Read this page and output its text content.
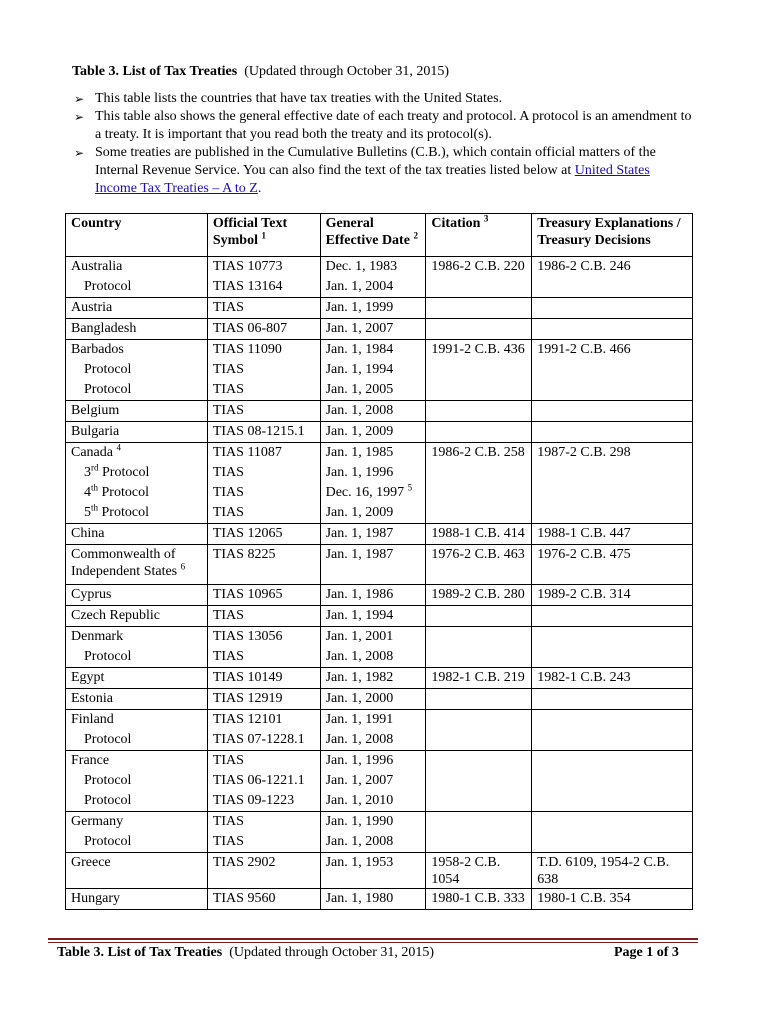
Table 3. List of Tax Treaties (Updated through October 31, 2015)
➢ This table lists the countries that have tax treaties with the United States.
➢ This table also shows the general effective date of each treaty and protocol. A protocol is an amendment to a treaty. It is important that you read both the treaty and its protocol(s).
➢ Some treaties are published in the Cumulative Bulletins (C.B.), which contain official matters of the Internal Revenue Service. You can also find the text of the tax treaties listed below at United States Income Tax Treaties – A to Z.
Country	Official Text Symbol $^1$	General Effective Date $^2$	Citation $^3$	Treasury Explanations / Treasury Decisions
Australia	TIAS 10773	Dec. 1, 1983	1986-2 C.B. 220	1986-2 C.B. 246
Protocol	TIAS 13164	Jan. 1, 2004		
Austria	TIAS	Jan. 1, 1999		
Bangladesh	TIAS 06-807	Jan. 1, 2007		
Barbados	TIAS 11090	Jan. 1, 1984	1991-2 C.B. 436	1991-2 C.B. 466
Protocol	TIAS	Jan. 1, 1994		
Protocol	TIAS	Jan. 1, 2005		
Belgium	TIAS	Jan. 1, 2008		
Bulgaria	TIAS 08-1215.1	Jan. 1, 2009		
Canada $^4$	TIAS 11087	Jan. 1, 1985	1986-2 C.B. 258	1987-2 C.B. 298
3rd Protocol	TIAS	Jan. 1, 1996		
4th Protocol	TIAS	Dec. 16, 1997 $^5$		
5th Protocol	TIAS	Jan. 1, 2009		
China	TIAS 12065	Jan. 1, 1987	1988-1 C.B. 414	1988-1 C.B. 447
Commonwealth of Independent States $^6$	TIAS 8225	Jan. 1, 1987	1976-2 C.B. 463	1976-2 C.B. 475
Cyprus	TIAS 10965	Jan. 1, 1986	1989-2 C.B. 280	1989-2 C.B. 314
Czech Republic	TIAS	Jan. 1, 1994		
Denmark	TIAS 13056	Jan. 1, 2001		
Protocol	TIAS	Jan. 1, 2008		
Egypt	TIAS 10149	Jan. 1, 1982	1982-1 C.B. 219	1982-1 C.B. 243
Estonia	TIAS 12919	Jan. 1, 2000		
Finland	TIAS 12101	Jan. 1, 1991		
Protocol	TIAS 07-1228.1	Jan. 1, 2008		
France	TIAS	Jan. 1, 1996		
Protocol	TIAS 06-1221.1	Jan. 1, 2007		
Protocol	TIAS 09-1223	Jan. 1, 2010		
Germany	TIAS	Jan. 1, 1990		
Protocol	TIAS	Jan. 1, 2008		
Greece	TIAS 2902	Jan. 1, 1953	1958-2 C.B. 1054	T.D. 6109, 1954-2 C.B. 638
Hungary	TIAS 9560	Jan. 1, 1980	1980-1 C.B. 333	1980-1 C.B. 354
Table 3. List of Tax Treaties (Updated through October 31, 2015)	Page 1 of 3
